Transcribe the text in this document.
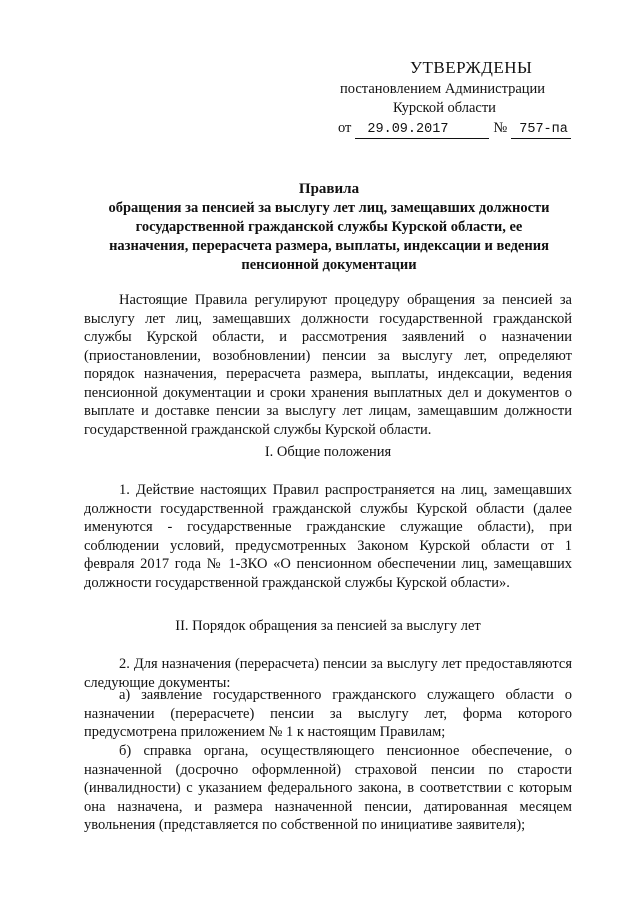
УТВЕРЖДЕНЫ
постановлением Администрации
Курской области
от 29.09.2017	№ 757-па
Правила
обращения за пенсией за выслугу лет лиц, замещавших должности
государственной гражданской службы Курской области, ее
назначения, перерасчета размера, выплаты, индексации и ведения
пенсионной документации

Настоящие Правила регулируют процедуру обращения за пенсией за выслугу лет лиц, замещавших должности государственной гражданской службы Курской области, и рассмотрения заявлений о назначении (приостановлении, возобновлении) пенсии за выслугу лет, определяют порядок назначения, перерасчета размера, выплаты, индексации, ведения пенсионной документации и сроки хранения выплатных дел и документов о выплате и доставке пенсии за выслугу лет лицам, замещавшим должности государственной гражданской службы Курской области.

I. Общие положения

1. Действие настоящих Правил распространяется на лиц, замещавших должности государственной гражданской службы Курской области (далее именуются - государственные гражданские служащие области), при соблюдении условий, предусмотренных Законом Курской области от 1 февраля 2017 года № 1-ЗКО «О пенсионном обеспечении лиц, замещавших должности государственной гражданской службы Курской области».

II. Порядок обращения за пенсией за выслугу лет

2. Для назначения (перерасчета) пенсии за выслугу лет предоставляются следующие документы:

а) заявление государственного гражданского служащего области о назначении (перерасчете) пенсии за выслугу лет, форма которого предусмотрена приложением № 1 к настоящим Правилам;

б) справка органа, осуществляющего пенсионное обеспечение, о назначенной (досрочно оформленной) страховой пенсии по старости (инвалидности) с указанием федерального закона, в соответствии с которым она назначена, и размера назначенной пенсии, датированная месяцем увольнения (представляется по собственной по инициативе заявителя);
